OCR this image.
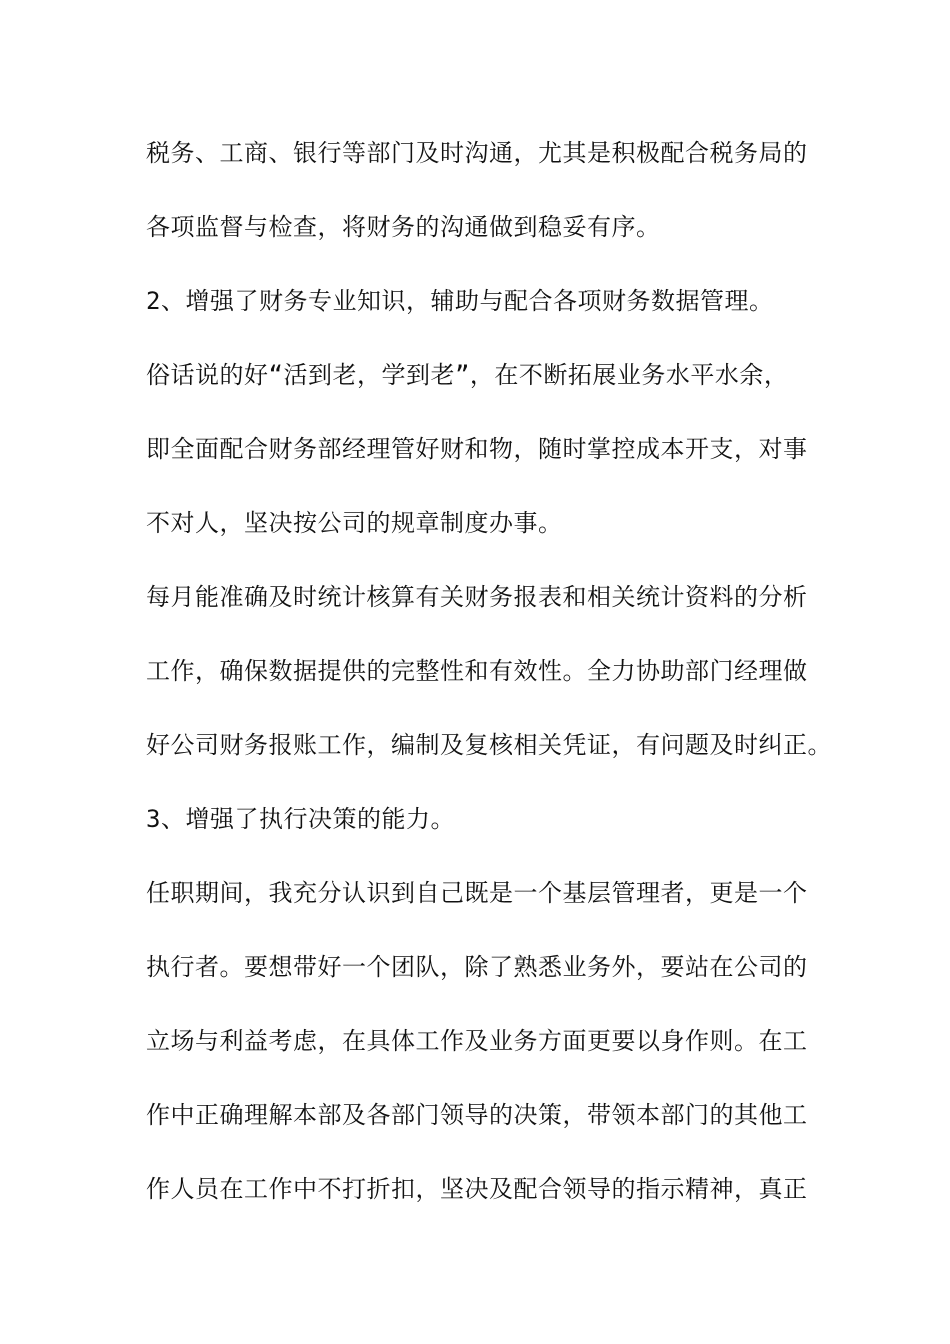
税务、工商、银行等部门及时沟通，尤其是积极配合税务局的
各项监督与检查，将财务的沟通做到稳妥有序。
2、增强了财务专业知识，辅助与配合各项财务数据管理。
俗话说的好“活到老，学到老”，在不断拓展业务水平水余，
即全面配合财务部经理管好财和物，随时掌控成本开支，对事
不对人，坚决按公司的规章制度办事。
每月能准确及时统计核算有关财务报表和相关统计资料的分析
工作，确保数据提供的完整性和有效性。全力协助部门经理做
好公司财务报账工作，编制及复核相关凭证，有问题及时纠正。
3、增强了执行决策的能力。
任职期间，我充分认识到自己既是一个基层管理者，更是一个
执行者。要想带好一个团队，除了熟悉业务外，要站在公司的
立场与利益考虑，在具体工作及业务方面更要以身作则。在工
作中正确理解本部及各部门领导的决策，带领本部门的其他工
作人员在工作中不打折扣，坚决及配合领导的指示精神，真正
